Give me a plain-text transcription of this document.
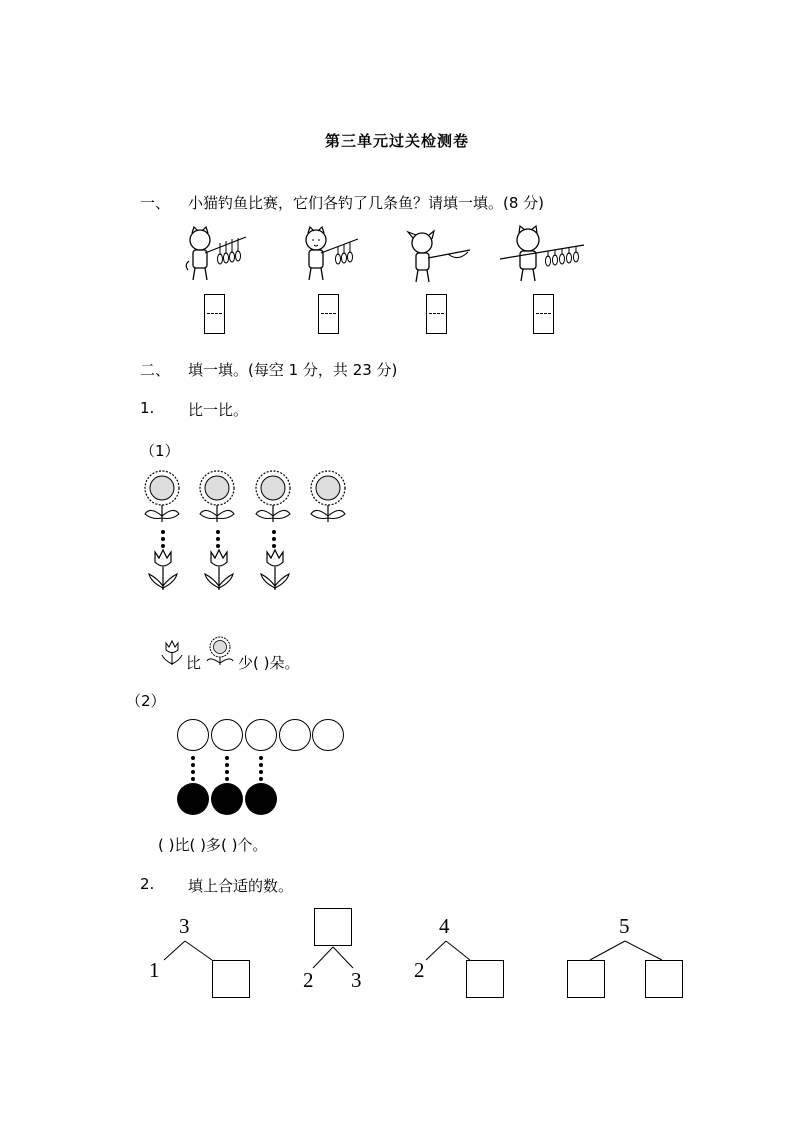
第三单元过关检测卷
一、 小猫钓鱼比赛，它们各钓了几条鱼？请填一填。(8 分)
二、 填一填。(每空 1 分，共 23 分)
1. 比一比。
（1）
比 少( )朵。
（2）
( )比( )多( )个。
2. 填上合适的数。
3
1	2 3
4
2
5
